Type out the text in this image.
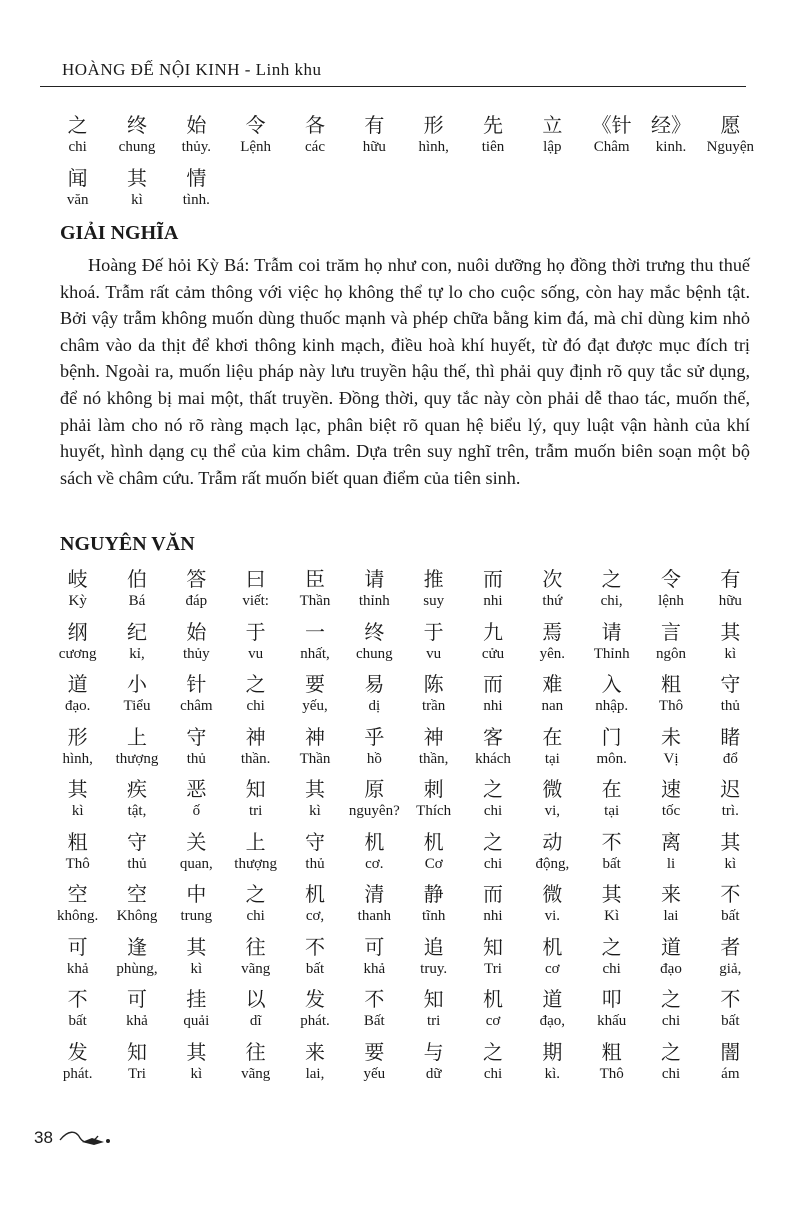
HOÀNG ĐẾ NỘI KINH - Linh khu
之
chi
终
chung
始
thủy.
令
Lệnh
各
các
有
hữu
形
hình,
先
tiên
立
lập
《针
Châm
经》
kinh.
愿
Nguyện
闻
văn
其
kì
情
tình.
GIẢI NGHĨA
Hoàng Đế hỏi Kỳ Bá: Trẫm coi trăm họ như con, nuôi dưỡng họ đồng thời trưng thu thuế khoá. Trẫm rất cảm thông với việc họ không thể tự lo cho cuộc sống, còn hay mắc bệnh tật. Bởi vậy trẫm không muốn dùng thuốc mạnh và phép chữa bằng kim đá, mà chỉ dùng kim nhỏ châm vào da thịt để khơi thông kinh mạch, điều hoà khí huyết, từ đó đạt được mục đích trị bệnh. Ngoài ra, muốn liệu pháp này lưu truyền hậu thế, thì phải quy định rõ quy tắc sử dụng, để nó không bị mai một, thất truyền. Đồng thời, quy tắc này còn phải dễ thao tác, muốn thế, phải làm cho nó rõ ràng mạch lạc, phân biệt rõ quan hệ biểu lý, quy luật vận hành của khí huyết, hình dạng cụ thể của kim châm. Dựa trên suy nghĩ trên, trẫm muốn biên soạn một bộ sách về châm cứu. Trẫm rất muốn biết quan điểm của tiên sinh.
NGUYÊN VĂN
岐
Kỳ
伯
Bá
答
đáp
曰
viết:
臣
Thần
请
thỉnh
推
suy
而
nhi
次
thứ
之
chi,
令
lệnh
有
hữu
纲
cương
纪
kỉ,
始
thủy
于
vu
一
nhất,
终
chung
于
vu
九
cửu
焉
yên.
请
Thỉnh
言
ngôn
其
kì
道
đạo.
小
Tiểu
针
châm
之
chi
要
yếu,
易
dị
陈
trần
而
nhi
难
nan
入
nhập.
粗
Thô
守
thủ
形
hình,
上
thượng
守
thủ
神
thần.
神
Thần
乎
hồ
神
thần,
客
khách
在
tại
门
môn.
未
Vị
睹
đổ
其
kì
疾
tật,
恶
ố
知
tri
其
kì
原
nguyên?
刺
Thích
之
chi
微
vi,
在
tại
速
tốc
迟
trì.
粗
Thô
守
thủ
关
quan,
上
thượng
守
thủ
机
cơ.
机
Cơ
之
chi
动
động,
不
bất
离
li
其
kì
空
không.
空
Không
中
trung
之
chi
机
cơ,
清
thanh
静
tĩnh
而
nhi
微
vi.
其
Kì
来
lai
不
bất
可
khả
逢
phùng,
其
kì
往
vãng
不
bất
可
khả
追
truy.
知
Tri
机
cơ
之
chi
道
đạo
者
giả,
不
bất
可
khả
挂
quải
以
dĩ
发
phát.
不
Bất
知
tri
机
cơ
道
đạo,
叩
khấu
之
chi
不
bất
发
phát.
知
Tri
其
kì
往
vãng
来
lai,
要
yếu
与
dữ
之
chi
期
kì.
粗
Thô
之
chi
闇
ám
38
